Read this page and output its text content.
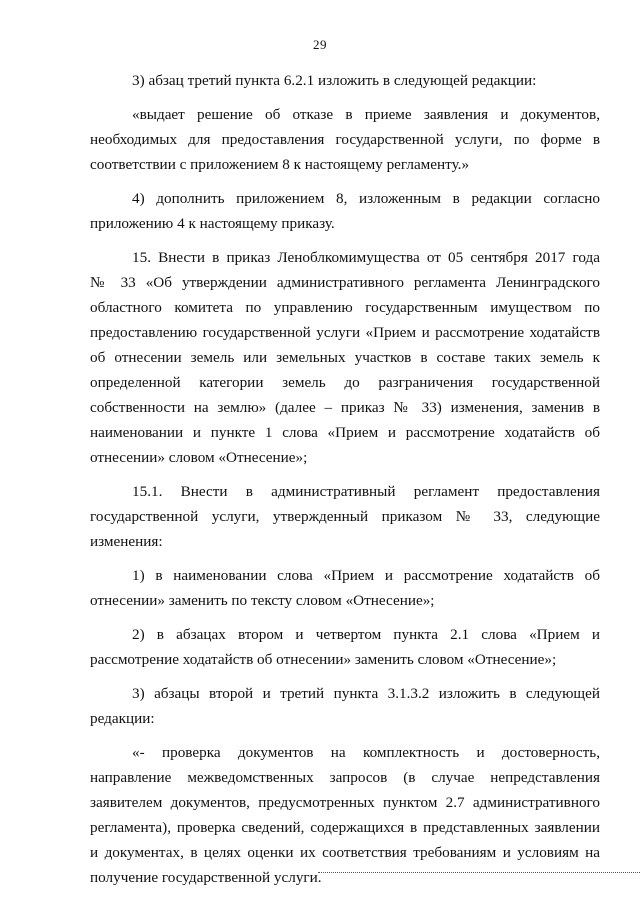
29
3) абзац третий пункта 6.2.1 изложить в следующей редакции:
«выдает решение об отказе в приеме заявления и документов,
необходимых для предоставления государственной услуги, по форме в
соответствии с приложением 8 к настоящему регламенту.»
4) дополнить приложением 8, изложенным в редакции согласно
приложению 4 к настоящему приказу.
15. Внести в приказ Леноблкомимущества от 05 сентября 2017 года
№ 33 «Об утверждении административного регламента Ленинградского
областного комитета по управлению государственным имуществом по
предоставлению государственной услуги «Прием и рассмотрение ходатайств
об отнесении земель или земельных участков в составе таких земель к
определенной категории земель до разграничения государственной
собственности на землю» (далее – приказ № 33) изменения, заменив в
наименовании и пункте 1 слова «Прием и рассмотрение ходатайств об
отнесении» словом «Отнесение»;
15.1. Внести в административный регламент предоставления
государственной услуги, утвержденный приказом № 33, следующие
изменения:
1) в наименовании слова «Прием и рассмотрение ходатайств об
отнесении» заменить по тексту словом «Отнесение»;
2) в абзацах втором и четвертом пункта 2.1 слова «Прием и
рассмотрение ходатайств об отнесении» заменить словом «Отнесение»;
3) абзацы второй и третий пункта 3.1.3.2 изложить в следующей
редакции:
«- проверка документов на комплектность и достоверность,
направление межведомственных запросов (в случае непредставления
заявителем документов, предусмотренных пунктом 2.7 административного
регламента), проверка сведений, содержащихся в представленных заявлении
и документах, в целях оценки их соответствия требованиям и условиям на
получение государственной услуги.
